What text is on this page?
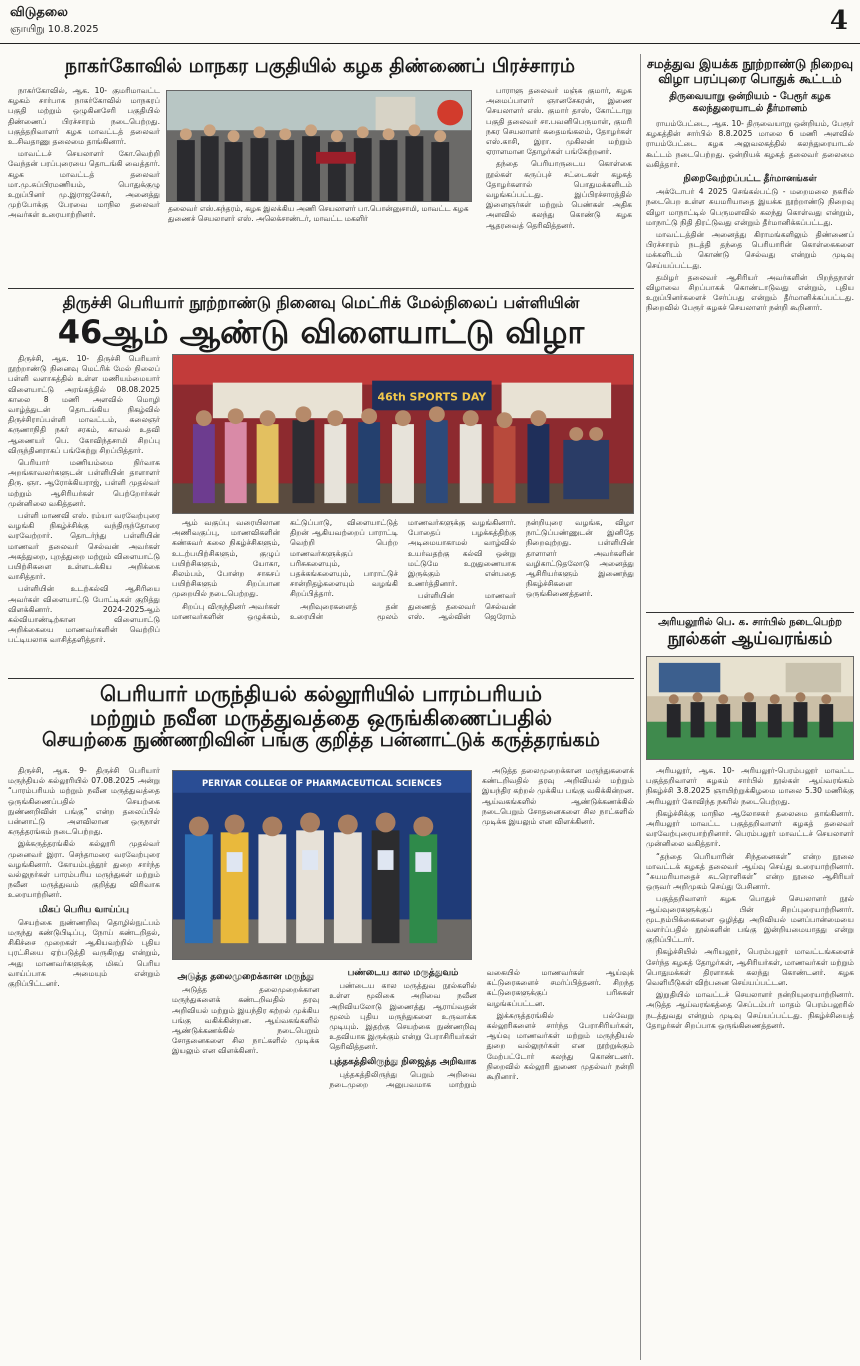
விடுதலை
ஞாயிறு 10.8.2025	4
நாகர்கோவில் மாநகர பகுதியில் கழக திண்ணைப் பிரச்சாரம்

நாகர்கோவில், ஆக. 10- குமரிமாவட்ட கழகம் சார்பாக நாகர்கோவில் மாநகரப் பகுதி மற்றும் ஒழுகினசேரி பகுதியில் திண்ணைப் பிரச்சாரம் நடைபெற்றது. பகுத்தறிவாளர் கழக மாவட்டத் தலைவர் உ.சிவதாணு தலைமை தாங்கினார்.

மாவட்டச் செயலாளர் கோ.வெற்றி வேந்தன் பரப்புரையை தொடங்கி வைத்தார். கழக மாவட்டத் தலைவர் மா.மு.சுப்பிரமணியம், பொதுக்குழு உறுப்பினர் மு.இராஜசேகர், அனைத்து முற்போக்கு பேரவை மாநில தலைவர் அவர்கள் உரையாற்றினர்.

பாராளு தலைவர் மஞ்சு குமார், கழக அமைப்பாளர் ஞானசேகரன், இணை செயலாளர் எஸ். குமார் தாஸ், கோட்டாறு பகுதி தலைவர் சா.பவனிபெருமாள், குமரி நகர செயலாளர் கதைமங்கலம், தோழர்கள் எஸ்.காசி, இரா. முகிலன் மற்றும் ஏராளமான தோழர்கள் பங்கேற்றனர்.

தந்தை பெரியாருடைய கொள்கை நூல்கள் கருப்புச் சட்டைகள் கழகத் தோழர்களால் பொதுமக்களிடம் வழங்கப்பட்டது. இப்பிரச்சாரத்தில் இளைஞர்கள் மற்றும் பெண்கள் அதிக அளவில் கலந்து கொண்டு கழக ஆதரவைத் தெரிவித்தனர்.

தலைவர் எஸ்.சுந்தரம், கழக இலக்கிய அணி செயலாளர் பா.பொன்னுசாமி, மாவட்ட கழக துணைச் செயலாளர் எஸ். அலெக்சாண்டர், மாவட்ட மகளிர்
திருச்சி பெரியார் நூற்றாண்டு நினைவு மெட்ரிக் மேல்நிலைப் பள்ளியின்
46ஆம் ஆண்டு விளையாட்டு விழா

திருச்சி, ஆக. 10- திருச்சி பெரியார் நூற்றாண்டு நினைவு மெட்ரிக் மேல் நிலைப் பள்ளி வளாகத்தில் உள்ள மணியம்மையார் விளையாட்டு அரங்கத்தில் 08.08.2025 காலை 8 மணி அளவில் மொழி வாழ்த்துடன் தொடங்கிய நிகழ்வில் திருச்சிராப்பள்ளி மாவட்டம், கலைஞர் கருணாநிதி நகர் சரகம், காவல் உதவி ஆணையர் பெ. கோவிந்தசாமி சிறப்பு விருந்தினராகப் பங்கேற்று சிறப்பித்தார்.

பெரியார் மணியம்மை நிர்வாக அறங்காவலர்களுடன் பள்ளியின் தாளாளர் திரு. ஞா. ஆரோக்கியராஜ், பள்ளி முதல்வர் மற்றும் ஆசிரியர்கள் பெற்றோர்கள் முன்னிலை வகித்தனர்.

பள்ளி மாணவி எஸ். ரம்யா வரவேற்புரை வழங்கி நிகழ்ச்சிக்கு வந்திருந்தோரை வரவேற்றார். தொடர்ந்து பள்ளியின் மாணவர் தலைவர் செல்வன் அவர்கள் அகத்துறை, புறத்துறை மற்றும் விளையாட்டு பயிற்சிகளை உள்ளடக்கிய அறிக்கை வாசித்தார்.

பள்ளியின் உடற்கல்வி ஆசிரியை அவர்கள் விளையாட்டு போட்டிகள் குறித்து விளக்கினார். 2024-2025ஆம் கல்வியாண்டிற்கான விளையாட்டு அறிக்கையை மாணவர்களின் வெற்றிப் பட்டியலாக வாசித்தளித்தார்.

ஆம் வகுப்பு வரையிலான அணிவகுப்பு, மாணவிகளின் கண்கவர் கலை நிகழ்ச்சிகளும், உடற்பயிற்சிகளும், குழுப் பயிற்சிகளும், யோகா, சிலம்பம், போன்ற சாகசப் பயிற்சிகளும் சிறப்பான முறையில் நடைபெற்றது.

சிறப்பு விருந்தினர் அவர்கள் மாணவர்களின் ஒழுக்கம், கட்டுப்பாடு, விளையாட்டுத் திறன் ஆகியவற்றைப் பாராட்டி வெற்றி பெற்ற மாணவர்களுக்குப் பரிசுகளையும், பதக்கங்களையும், பாராட்டுச் சான்றிதழ்களையும் வழங்கி சிறப்பித்தார்.

அறிவுரைகளைத் தன் உரையின் மூலம் மாணவர்களுக்கு வழங்கினார். போதைப் பழக்கத்திற்கு அடிமையாகாமல் வாழ்வில் உயர்வதற்கு கல்வி ஒன்று மட்டுமே உறுதுணையாக இருக்கும் என்பதை உணர்த்தினார்.

பள்ளியின் மாணவர் துணைத் தலைவர் செல்வன் எஸ். ஆல்வின் ஜெரோம் நன்றியுரை வழங்க, விழா நாட்டுப்பண்ணுடன் இனிதே நிறைவுற்றது. பள்ளியின் தாளாளர் அவர்களின் வழிகாட்டுதலோடு அனைத்து ஆசிரியர்களும் இணைந்து நிகழ்ச்சிகளை ஒருங்கிணைத்தனர்.

46th SPORTS DAY
பெரியார் மருந்தியல் கல்லூரியில் பாரம்பரியம்
மற்றும் நவீன மருத்துவத்தை ஒருங்கிணைப்பதில்
செயற்கை நுண்ணறிவின் பங்கு குறித்த பன்னாட்டுக் கருத்தரங்கம்

திருச்சி, ஆக. 9- திருச்சி பெரியார் மருந்தியல் கல்லூரியில் 07.08.2025 அன்று “பாரம்பரியம் மற்றும் நவீன மருத்துவத்தை ஒருங்கிணைப்பதில் செயற்கை நுண்ணறிவின் பங்கு” என்ற தலைப்பில் பன்னாட்டு அளவிலான ஒருநாள் கருத்தரங்கம் நடைபெற்றது.

இக்கருத்தரங்கில் கல்லூரி முதல்வர் முனைவர் இரா. செந்தாமரை வரவேற்புரை வழங்கினார். கோயம்புத்தூர் துறை சார்ந்த வல்லுநர்கள் பாரம்பரிய மருந்துகள் மற்றும் நவீன மருத்துவம் குறித்து விரிவாக உரையாற்றினர்.

மிகப் பெரிய வாய்ப்பு

செயற்கை நுண்ணறிவு தொழில்நுட்பம் மருந்து கண்டுபிடிப்பு, நோய் கண்டறிதல், சிகிச்சை முறைகள் ஆகியவற்றில் புதிய புரட்சியை ஏற்படுத்தி வருகிறது என்றும், அது மாணவர்களுக்கு மிகப் பெரிய வாய்ப்பாக அமையும் என்றும் குறிப்பிட்டனர்.

அடுத்த தலைமுறைக்கான மருந்துகளைக் கண்டறிவதில் தரவு அறிவியல் மற்றும் இயந்திர கற்றல் முக்கிய பங்கு வகிக்கின்றன. ஆய்வகங்களில் ஆண்டுக்கணக்கில் நடைபெறும் சோதனைகளை சில நாட்களில் முடிக்க இயலும் என விளக்கினர்.

அடுத்த தலைமுறைக்கான மருந்து

அடுத்த தலைமுறைக்கான மருந்துகளைக் கண்டறிவதில் தரவு அறிவியல் மற்றும் இயந்திர கற்றல் முக்கிய பங்கு வகிக்கின்றன. ஆய்வகங்களில் ஆண்டுக்கணக்கில் நடைபெறும் சோதனைகளை சில நாட்களில் முடிக்க இயலும் என விளக்கினர்.

பண்டைய கால மருத்துவம்

பண்டைய கால மருத்துவ நூல்களில் உள்ள மூலிகை அறிவை நவீன அறிவியலோடு இணைத்து ஆராய்வதன் மூலம் புதிய மருந்துகளை உருவாக்க முடியும். இதற்கு செயற்கை நுண்ணறிவு உதவியாக இருக்கும் என்று பேராசிரியர்கள் தெரிவித்தனர்.

புத்தகத்திலிருந்து நிஜைத்த அறிவாக

புத்தகத்திலிருந்து பெறும் அறிவை நடைமுறை அனுபவமாக மாற்றும் வகையில் மாணவர்கள் ஆய்வுக் கட்டுரைகளைச் சமர்ப்பித்தனர். சிறந்த கட்டுரைகளுக்குப் பரிசுகள் வழங்கப்பட்டன.

இக்கருத்தரங்கில் பல்வேறு கல்லூரிகளைச் சார்ந்த பேராசிரியர்கள், ஆய்வு மாணவர்கள் மற்றும் மருந்தியல் துறை வல்லுநர்கள் என நூற்றுக்கும் மேற்பட்டோர் கலந்து கொண்டனர். நிறைவில் கல்லூரி துணை முதல்வர் நன்றி கூறினார்.

PERIYAR COLLEGE OF PHARMACEUTICAL SCIENCES
சமத்துவ இயக்க நூற்றாண்டு நிறைவு விழா பரப்புரை பொதுக் கூட்டம்
திருவையாறு ஒன்றியம் - பேரூர் கழக கலந்துரையாடல் தீர்மானம்

ராயம்பேட்டை, ஆக. 10- திருவையாறு ஒன்றியம், பேரூர் கழகத்தின் சார்பில் 8.8.2025 மாலை 6 மணி அளவில் ராயம்பேட்டை கழக அலுவலகத்தில் கலந்துரையாடல் கூட்டம் நடைபெற்றது. ஒன்றியக் கழகத் தலைவர் தலைமை வகித்தார்.

நிறைவேற்றப்பட்ட தீர்மானங்கள்

அக்டோபர் 4 2025 செங்கல்பட்டு - மறைமலை நகரில் நடைபெற உள்ள சுயமரியாதை இயக்க நூற்றாண்டு நிறைவு விழா மாநாட்டில் பெருமளவில் கலந்து கொள்வது என்றும், மாநாட்டு நிதி திரட்டுவது என்றும் தீர்மானிக்கப்பட்டது.

மாவட்டத்தின் அனைத்து கிராமங்களிலும் திண்ணைப் பிரச்சாரம் நடத்தி தந்தை பெரியாரின் கொள்கைகளை மக்களிடம் கொண்டு செல்வது என்றும் முடிவு செய்யப்பட்டது.

தமிழர் தலைவர் ஆசிரியர் அவர்களின் பிறந்தநாள் விழாவை சிறப்பாகக் கொண்டாடுவது என்றும், புதிய உறுப்பினர்களைச் சேர்ப்பது என்றும் தீர்மானிக்கப்பட்டது. நிறைவில் பேரூர் கழகச் செயலாளர் நன்றி கூறினார்.

அரியலூரில் பெ. க. சார்பில் நடைபெற்ற
நூல்கள் ஆய்வரங்கம்

அரியலூர், ஆக. 10- அரியலூர்-பெரம்பலூர் மாவட்ட பகுத்தறிவாளர் கழகம் சார்பில் நூல்கள் ஆய்வரங்கம் நிகழ்ச்சி 3.8.2025 ஞாயிற்றுக்கிழமை மாலை 5.30 மணிக்கு அரியலூர் கோவிந்த நகரில் நடைபெற்றது.

நிகழ்ச்சிக்கு மாநில ஆலோசகர் தலைமை தாங்கினார். அரியலூர் மாவட்ட பகுத்தறிவாளர் கழகத் தலைவர் வரவேற்புரையாற்றினார். பெரம்பலூர் மாவட்டச் செயலாளர் முன்னிலை வகித்தார்.

“தந்தை பெரியாரின் சிந்தனைகள்” என்ற நூலை மாவட்டக் கழகத் தலைவர் ஆய்வு செய்து உரையாற்றினார். “சுயமரியாதைச் சுடரொளிகள்” என்ற நூலை ஆசிரியர் ஒருவர் அறிமுகம் செய்து பேசினார்.

பகுத்தறிவாளர் கழக பொதுச் செயலாளர் நூல் ஆய்வுரைகளுக்குப் பின் சிறப்புரையாற்றினார். மூடநம்பிக்கைகளை ஒழித்து அறிவியல் மனப்பான்மையை வளர்ப்பதில் நூல்களின் பங்கு இன்றியமையாதது என்று குறிப்பிட்டார்.

நிகழ்ச்சியில் அரியலூர், பெரம்பலூர் மாவட்டங்களைச் சேர்ந்த கழகத் தோழர்கள், ஆசிரியர்கள், மாணவர்கள் மற்றும் பொதுமக்கள் திரளாகக் கலந்து கொண்டனர். கழக வெளியீடுகள் விற்பனை செய்யப்பட்டன.

இறுதியில் மாவட்டச் செயலாளர் நன்றியுரையாற்றினார். அடுத்த ஆய்வரங்கத்தை செப்டம்பர் மாதம் பெரம்பலூரில் நடத்துவது என்றும் முடிவு செய்யப்பட்டது. நிகழ்ச்சியைத் தோழர்கள் சிறப்பாக ஒருங்கிணைத்தனர்.
